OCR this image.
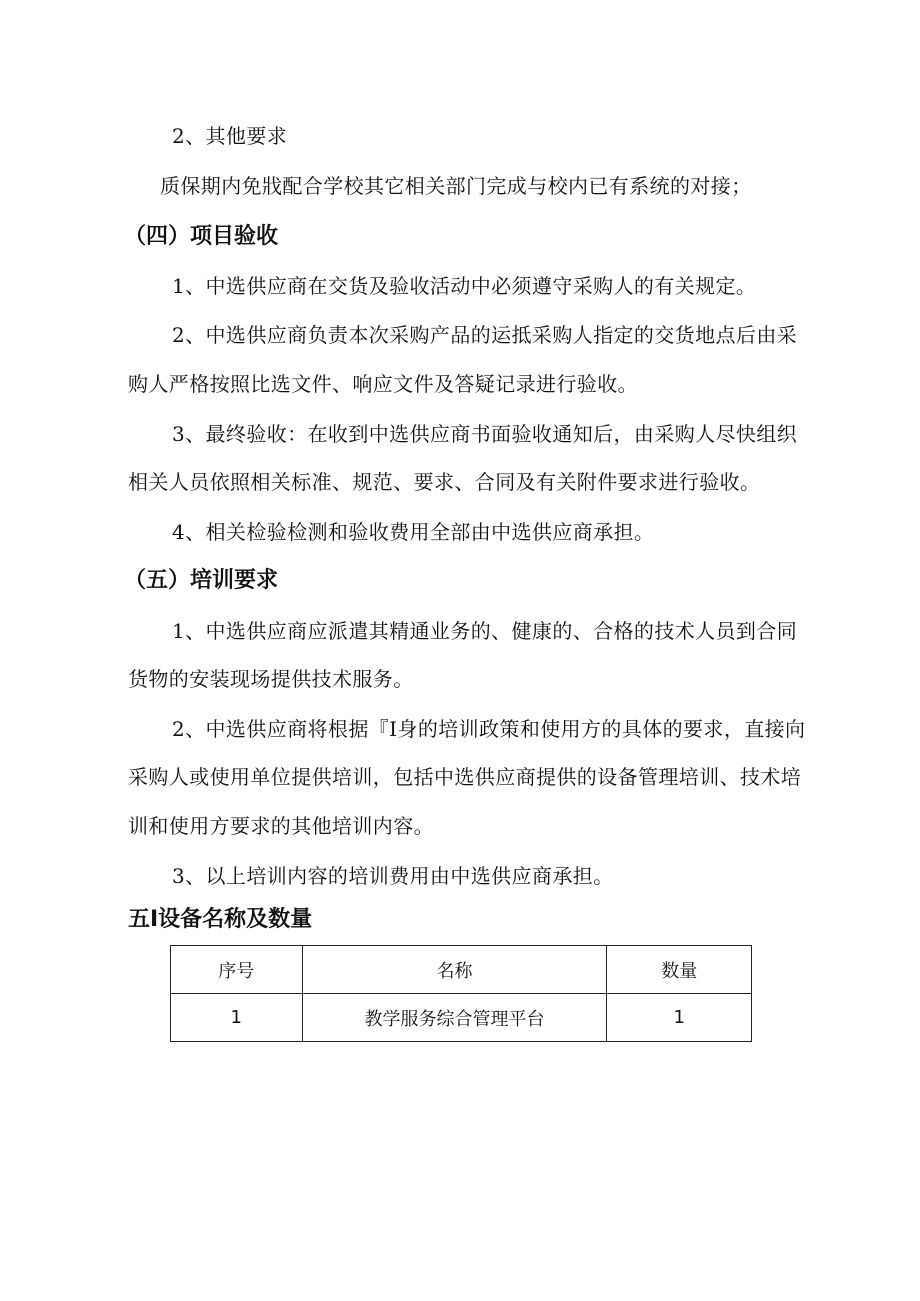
2、其他要求
质保期内免戕配合学校其它相关部门完成与校内已有系统的对接；
（四）项目验收
1、中选供应商在交货及验收活动中必须遵守采购人的有关规定。
2、中选供应商负责本次采购产品的运抵采购人指定的交货地点后由采
购人严格按照比选文件、响应文件及答疑记录进行验收。
3、最终验收：在收到中选供应商书面验收通知后，由采购人尽快组织
相关人员依照相关标准、规范、要求、合同及有关附件要求进行验收。
4、相关检验检测和验收费用全部由中选供应商承担。
（五）培训要求
1、中选供应商应派遣其精通业务的、健康的、合格的技术人员到合同
货物的安装现场提供技术服务。
2、中选供应商将根据『I身的培训政策和使用方的具体的要求，直接向
采购人或使用单位提供培训，包括中选供应商提供的设备管理培训、技术培
训和使用方要求的其他培训内容。
3、以上培训内容的培训费用由中选供应商承担。
五I设备名称及数量
序号	名称	数量
1	教学服务综合管理平台	1
